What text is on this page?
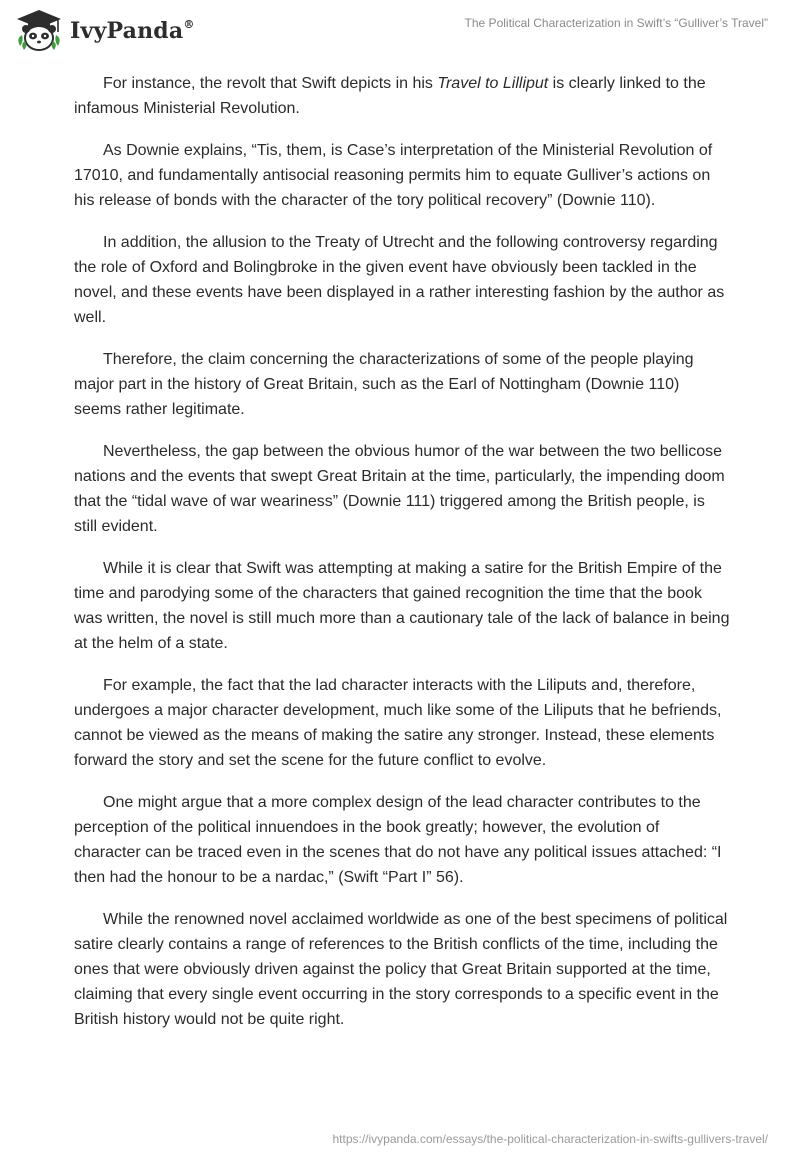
IvyPanda®	The Political Characterization in Swift’s “Gulliver’s Travel”

For instance, the revolt that Swift depicts in his Travel to Lilliput is clearly linked to the infamous Ministerial Revolution.

As Downie explains, “Tis, them, is Case’s interpretation of the Ministerial Revolution of 17010, and fundamentally antisocial reasoning permits him to equate Gulliver’s actions on his release of bonds with the character of the tory political recovery” (Downie 110).

In addition, the allusion to the Treaty of Utrecht and the following controversy regarding the role of Oxford and Bolingbroke in the given event have obviously been tackled in the novel, and these events have been displayed in a rather interesting fashion by the author as well.

Therefore, the claim concerning the characterizations of some of the people playing major part in the history of Great Britain, such as the Earl of Nottingham (Downie 110) seems rather legitimate.

Nevertheless, the gap between the obvious humor of the war between the two bellicose nations and the events that swept Great Britain at the time, particularly, the impending doom that the “tidal wave of war weariness” (Downie 111) triggered among the British people, is still evident.

While it is clear that Swift was attempting at making a satire for the British Empire of the time and parodying some of the characters that gained recognition the time that the book was written, the novel is still much more than a cautionary tale of the lack of balance in being at the helm of a state.

For example, the fact that the lad character interacts with the Liliputs and, therefore, undergoes a major character development, much like some of the Liliputs that he befriends, cannot be viewed as the means of making the satire any stronger. Instead, these elements forward the story and set the scene for the future conflict to evolve.

One might argue that a more complex design of the lead character contributes to the perception of the political innuendoes in the book greatly; however, the evolution of character can be traced even in the scenes that do not have any political issues attached: “I then had the honour to be a nardac,” (Swift “Part I” 56).

While the renowned novel acclaimed worldwide as one of the best specimens of political satire clearly contains a range of references to the British conflicts of the time, including the ones that were obviously driven against the policy that Great Britain supported at the time, claiming that every single event occurring in the story corresponds to a specific event in the British history would not be quite right.

https://ivypanda.com/essays/the-political-characterization-in-swifts-gullivers-travel/
